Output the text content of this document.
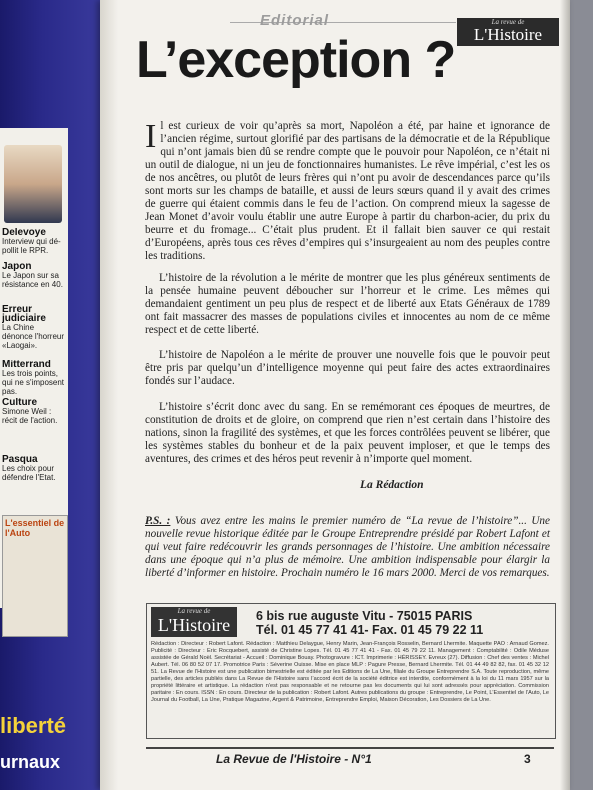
Delevoye
Interview qui dé- pollit le RPR.
Japon
Le Japon sur sa résistance en 40.
Erreur judiciaire
La Chine dénonce l'horreur «Laogai».
Mitterrand
Les trois points, qui ne s'imposent pas.
Culture
Simone Weil : récit de l'action.
Pasqua
Les choix pour défendre l'Etat.
L'essentiel de l'Auto
liberté
urnaux
Editorial	La revue de
L'Histoire
L’exception ?

Il est curieux de voir qu’après sa mort, Napoléon a été, par haine et ignorance de l’ancien régime, surtout glorifié par des partisans de la démocratie et de la République qui n’ont jamais bien dû se rendre compte que le pouvoir pour Napoléon, ce n’était ni un outil de dialogue, ni un jeu de fonctionnaires humanistes. Le rêve impérial, c’est les os de nos ancêtres, ou plutôt de leurs frères qui n’ont pu avoir de descendances parce qu’ils sont morts sur les champs de bataille, et aussi de leurs sœurs quand il y avait des crimes de guerre qui étaient commis dans le feu de l’action. On comprend mieux la sagesse de Jean Monet d’avoir voulu établir une autre Europe à partir du charbon-acier, du prix du beurre et du fromage... C’était plus prudent. Et il fallait bien sauver ce qui restait d’Européens, après tous ces rêves d’empires qui s’insurgeaient au nom des peuples contre les traditions.

L’histoire de la révolution a le mérite de montrer que les plus généreux sentiments de la pensée humaine peuvent déboucher sur l’horreur et le crime. Les mêmes qui demandaient gentiment un peu plus de respect et de liberté aux Etats Généraux de 1789 ont fait massacrer des masses de populations civiles et innocentes au nom de ce même respect et de cette liberté.

L’histoire de Napoléon a le mérite de prouver une nouvelle fois que le pouvoir peut être pris par quelqu’un d’intelligence moyenne qui peut faire des actes extraordinaires fondés sur l’audace.

L’histoire s’écrit donc avec du sang. En se remémorant ces époques de meurtres, de constitution de droits et de gloire, on comprend que rien n’est certain dans l’histoire des nations, sinon la fragilité des systèmes, et que les forces contrôlées peuvent se libérer, que les systèmes stables du bonheur et de la paix peuvent imploser, et que le temps des aventures, des crimes et des héros peut revenir à n’importe quel moment.

La Rédaction

P.S. : Vous avez entre les mains le premier numéro de “La revue de l’histoire”... Une nouvelle revue historique éditée par le Groupe Entreprendre présidé par Robert Lafont et qui veut faire redécouvrir les grands personnages de l’histoire. Une ambition nécessaire dans une époque qui n’a plus de mémoire. Une ambition indispensable pour élargir la liberté d’informer en histoire. Prochain numéro le 16 mars 2000. Merci de vos remarques.

La revue de
L'Histoire	6 bis rue auguste Vitu - 75015 PARIS
Tél. 01 45 77 41 41- Fax. 01 45 79 22 11

Rédaction : Directeur : Robert Lafont. Rédaction : Matthieu Delaygue, Henry Marin, Jean-François Rosselin, Bernard Lhermite. Maquette PAO : Arnaud Gomez. Publicité : Directeur : Eric Rocquebert, assisté de Christine Lopes. Tél. 01 45 77 41 41 - Fax. 01 45 79 22 11. Management : Comptabilité : Odile Méduse assistée de Gérald Noël. Secrétariat - Accueil : Dominique Bouay. Photogravure : ICT. Imprimerie : HÉRISSEY. Evreux (27). Diffusion : Chef des ventes : Michel Aubert. Tél. 06 80 52 07 17. Promotrice Paris : Séverine Ouisse. Mise en place MLP : Pagure Presse, Bernard Lhermite. Tél. 01 44 49 82 82, fax. 01 45 32 12 51. La Revue de l’Histoire est une publication bimestrielle est éditée par les Editions de La Une, filiale du Groupe Entreprendre S.A. Toute reproduction, même partielle, des articles publiés dans La Revue de l’Histoire sans l’accord écrit de la société éditrice est interdite, conformément à la loi du 11 mars 1957 sur la propriété littéraire et artistique. La rédaction n’est pas responsable et ne retourne pas les documents qui lui sont adressés pour appréciation. Commission paritaire : En cours. ISSN : En cours. Directeur de la publication : Robert Lafont. Autres publications du groupe : Entreprendre, Le Point, L’Essentiel de l’Auto, Le Journal du Football, La Une, Pratique Magazine, Argent & Patrimoine, Entreprendre Emploi, Maison Décoration, Les Dossiers de La Une.

La Revue de l'Histoire - N°1	3
